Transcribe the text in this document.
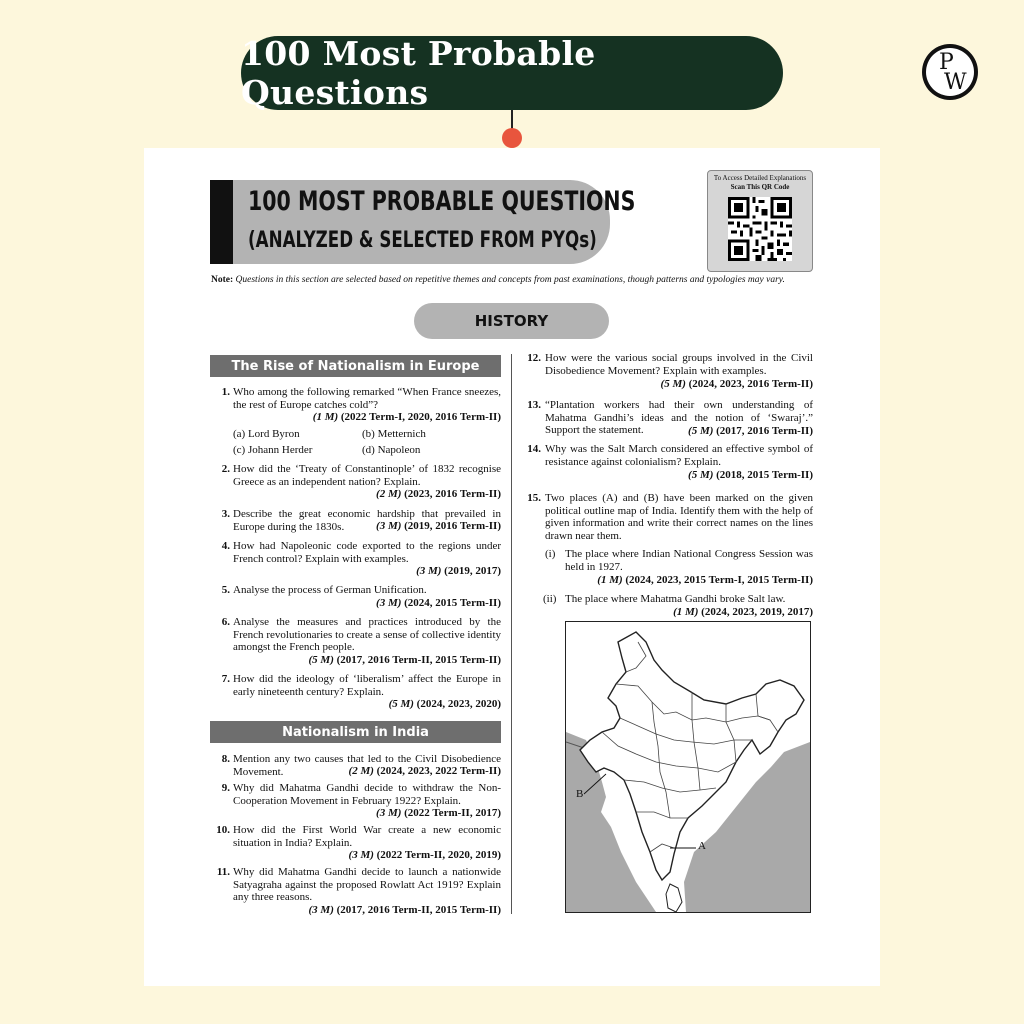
100 Most Probable Questions
P
W
100 MOST PROBABLE QUESTIONS
(ANALYZED & SELECTED FROM PYQs)
To Access Detailed Explanations
Scan This QR Code
Note: Questions in this section are selected based on repetitive themes and concepts from past examinations, though patterns and typologies may vary.
HISTORY
The Rise of Nationalism in Europe
1. Who among the following remarked “When France sneezes, the rest of Europe catches cold”?
(1 M) (2022 Term-I, 2020, 2016 Term-II)
(a) Lord Byron	(b) Metternich
(c) Johann Herder	(d) Napoleon
2. How did the ‘Treaty of Constantinople’ of 1832 recognise Greece as an independent nation? Explain.
(2 M) (2023, 2016 Term-II)
3. Describe the great economic hardship that prevailed in Europe during the 1830s.	(3 M) (2019, 2016 Term-II)
4. How had Napoleonic code exported to the regions under French control? Explain with examples.
(3 M) (2019, 2017)
5. Analyse the process of German Unification.
(3 M) (2024, 2015 Term-II)
6. Analyse the measures and practices introduced by the French revolutionaries to create a sense of collective identity amongst the French people.
(5 M) (2017, 2016 Term-II, 2015 Term-II)
7. How did the ideology of ‘liberalism’ affect the Europe in early nineteenth century? Explain.
(5 M) (2024, 2023, 2020)
Nationalism in India
8. Mention any two causes that led to the Civil Disobedience Movement.	(2 M) (2024, 2023, 2022 Term-II)
9. Why did Mahatma Gandhi decide to withdraw the Non-Cooperation Movement in February 1922? Explain.
(3 M) (2022 Term-II, 2017)
10. How did the First World War create a new economic situation in India? Explain.
(3 M) (2022 Term-II, 2020, 2019)
11. Why did Mahatma Gandhi decide to launch a nationwide Satyagraha against the proposed Rowlatt Act 1919? Explain any three reasons.
(3 M) (2017, 2016 Term-II, 2015 Term-II)
12. How were the various social groups involved in the Civil Disobedience Movement? Explain with examples.
(5 M) (2024, 2023, 2016 Term-II)
13. “Plantation workers had their own understanding of Mahatma Gandhi’s ideas and the notion of ‘Swaraj’.” Support the statement.	(5 M) (2017, 2016 Term-II)
14. Why was the Salt March considered an effective symbol of resistance against colonialism? Explain.
(5 M) (2018, 2015 Term-II)
15. Two places (A) and (B) have been marked on the given political outline map of India. Identify them with the help of given information and write their correct names on the lines drawn near them.
(i) The place where Indian National Congress Session was held in 1927.
(1 M) (2024, 2023, 2015 Term-I, 2015 Term-II)
(ii) The place where Mahatma Gandhi broke Salt law.
(1 M) (2024, 2023, 2019, 2017)
B
A
